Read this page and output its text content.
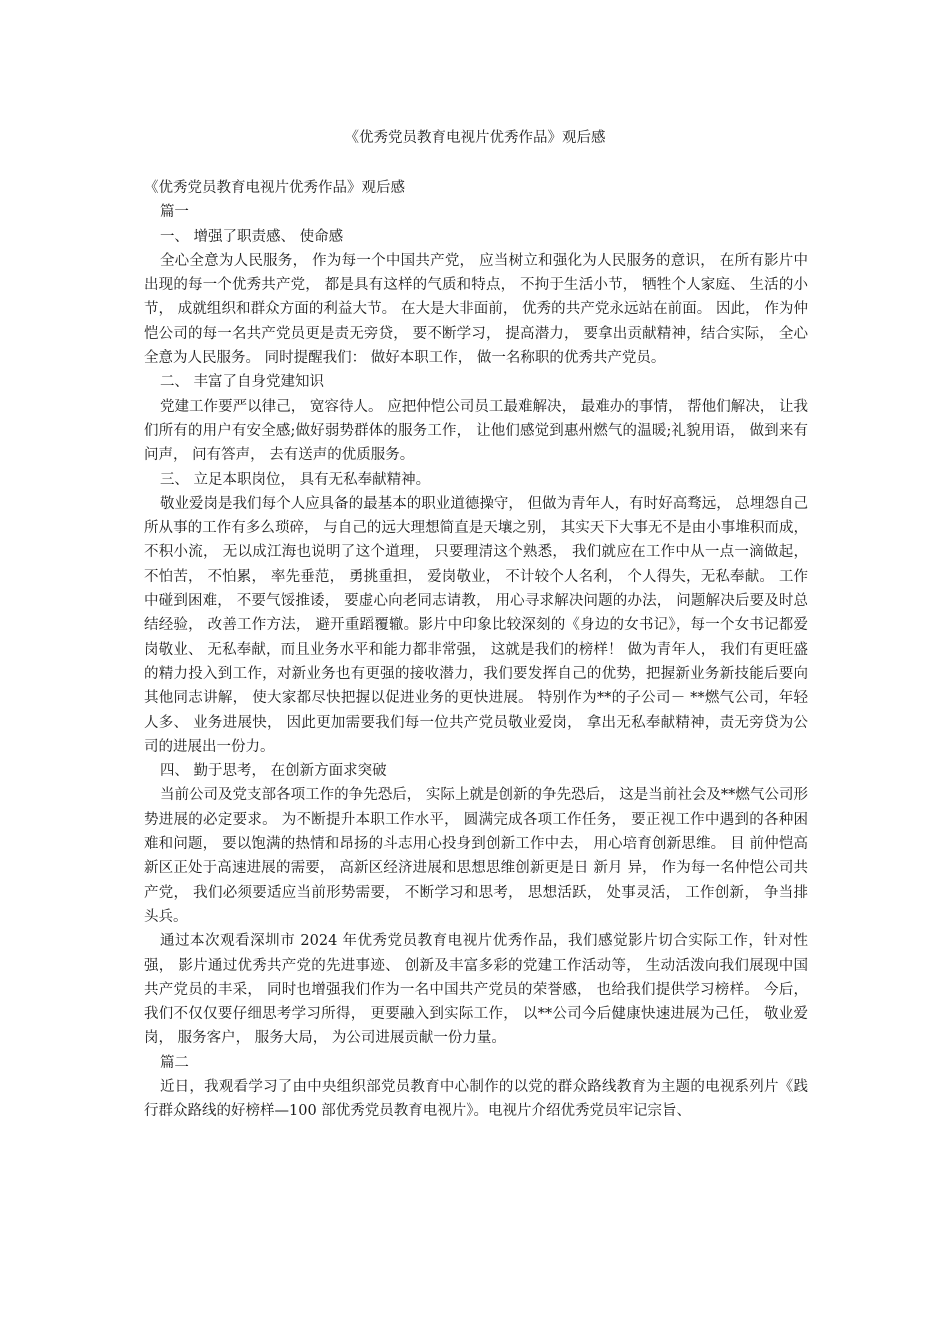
《优秀党员教育电视片优秀作品》观后感

《优秀党员教育电视片优秀作品》观后感

篇一

一、 增强了职责感、 使命感

全心全意为人民服务， 作为每一个中国共产党， 应当树立和强化为人民服务的意识， 在所有影片中出现的每一个优秀共产党， 都是具有这样的气质和特点， 不拘于生活小节， 牺牲个人家庭、 生活的小节， 成就组织和群众方面的利益大节。 在大是大非面前， 优秀的共产党永远站在前面。 因此， 作为仲恺公司的每一名共产党员更是责无旁贷， 要不断学习， 提高潜力， 要拿出贡献精神，结合实际， 全心全意为人民服务。 同时提醒我们： 做好本职工作， 做一名称职的优秀共产党员。

二、 丰富了自身党建知识

党建工作要严以律己， 宽容待人。 应把仲恺公司员工最难解决， 最难办的事情， 帮他们解决， 让我们所有的用户有安全感;做好弱势群体的服务工作， 让他们感觉到惠州燃气的温暖;礼貌用语， 做到来有问声， 问有答声， 去有送声的优质服务。

三、 立足本职岗位， 具有无私奉献精神。

敬业爱岗是我们每个人应具备的最基本的职业道德操守， 但做为青年人，有时好高骛远， 总埋怨自己所从事的工作有多么琐碎， 与自己的远大理想简直是天壤之别， 其实天下大事无不是由小事堆积而成， 不积小流， 无以成江海也说明了这个道理， 只要理清这个熟悉， 我们就应在工作中从一点一滴做起， 不怕苦， 不怕累， 率先垂范， 勇挑重担， 爱岗敬业， 不计较个人名利， 个人得失，无私奉献。 工作中碰到困难， 不要气馁推诿， 要虚心向老同志请教， 用心寻求解决问题的办法， 问题解决后要及时总结经验， 改善工作方法， 避开重蹈覆辙。影片中印象比较深刻的《身边的女书记》，每一个女书记都爱岗敬业、 无私奉献，而且业务水平和能力都非常强， 这就是我们的榜样！ 做为青年人， 我们有更旺盛的精力投入到工作，对新业务也有更强的接收潜力，我们要发挥自己的优势，把握新业务新技能后要向其他同志讲解， 使大家都尽快把握以促进业务的更快进展。 特别作为**的子公司－ **燃气公司，年轻人多、 业务进展快， 因此更加需要我们每一位共产党员敬业爱岗， 拿出无私奉献精神，责无旁贷为公司的进展出一份力。

四、 勤于思考， 在创新方面求突破

当前公司及党支部各项工作的争先恐后， 实际上就是创新的争先恐后， 这是当前社会及**燃气公司形势进展的必定要求。 为不断提升本职工作水平， 圆满完成各项工作任务， 要正视工作中遇到的各种困难和问题， 要以饱满的热情和昂扬的斗志用心投身到创新工作中去， 用心培育创新思维。 目 前仲恺高新区正处于高速进展的需要， 高新区经济进展和思想思维创新更是日 新月 异， 作为每一名仲恺公司共产党， 我们必须要适应当前形势需要， 不断学习和思考， 思想活跃， 处事灵活， 工作创新， 争当排头兵。

通过本次观看深圳市 2024 年优秀党员教育电视片优秀作品，我们感觉影片切合实际工作，针对性强， 影片通过优秀共产党的先进事迹、 创新及丰富多彩的党建工作活动等， 生动活泼向我们展现中国共产党员的丰采， 同时也增强我们作为一名中国共产党员的荣誉感， 也给我们提供学习榜样。 今后， 我们不仅仅要仔细思考学习所得， 更要融入到实际工作， 以**公司今后健康快速进展为己任， 敬业爱岗， 服务客户， 服务大局， 为公司进展贡献一份力量。

篇二

近日，我观看学习了由中央组织部党员教育中心制作的以党的群众路线教育为主题的电视系列片《践行群众路线的好榜样—100 部优秀党员教育电视片》。电视片介绍优秀党员牢记宗旨、
